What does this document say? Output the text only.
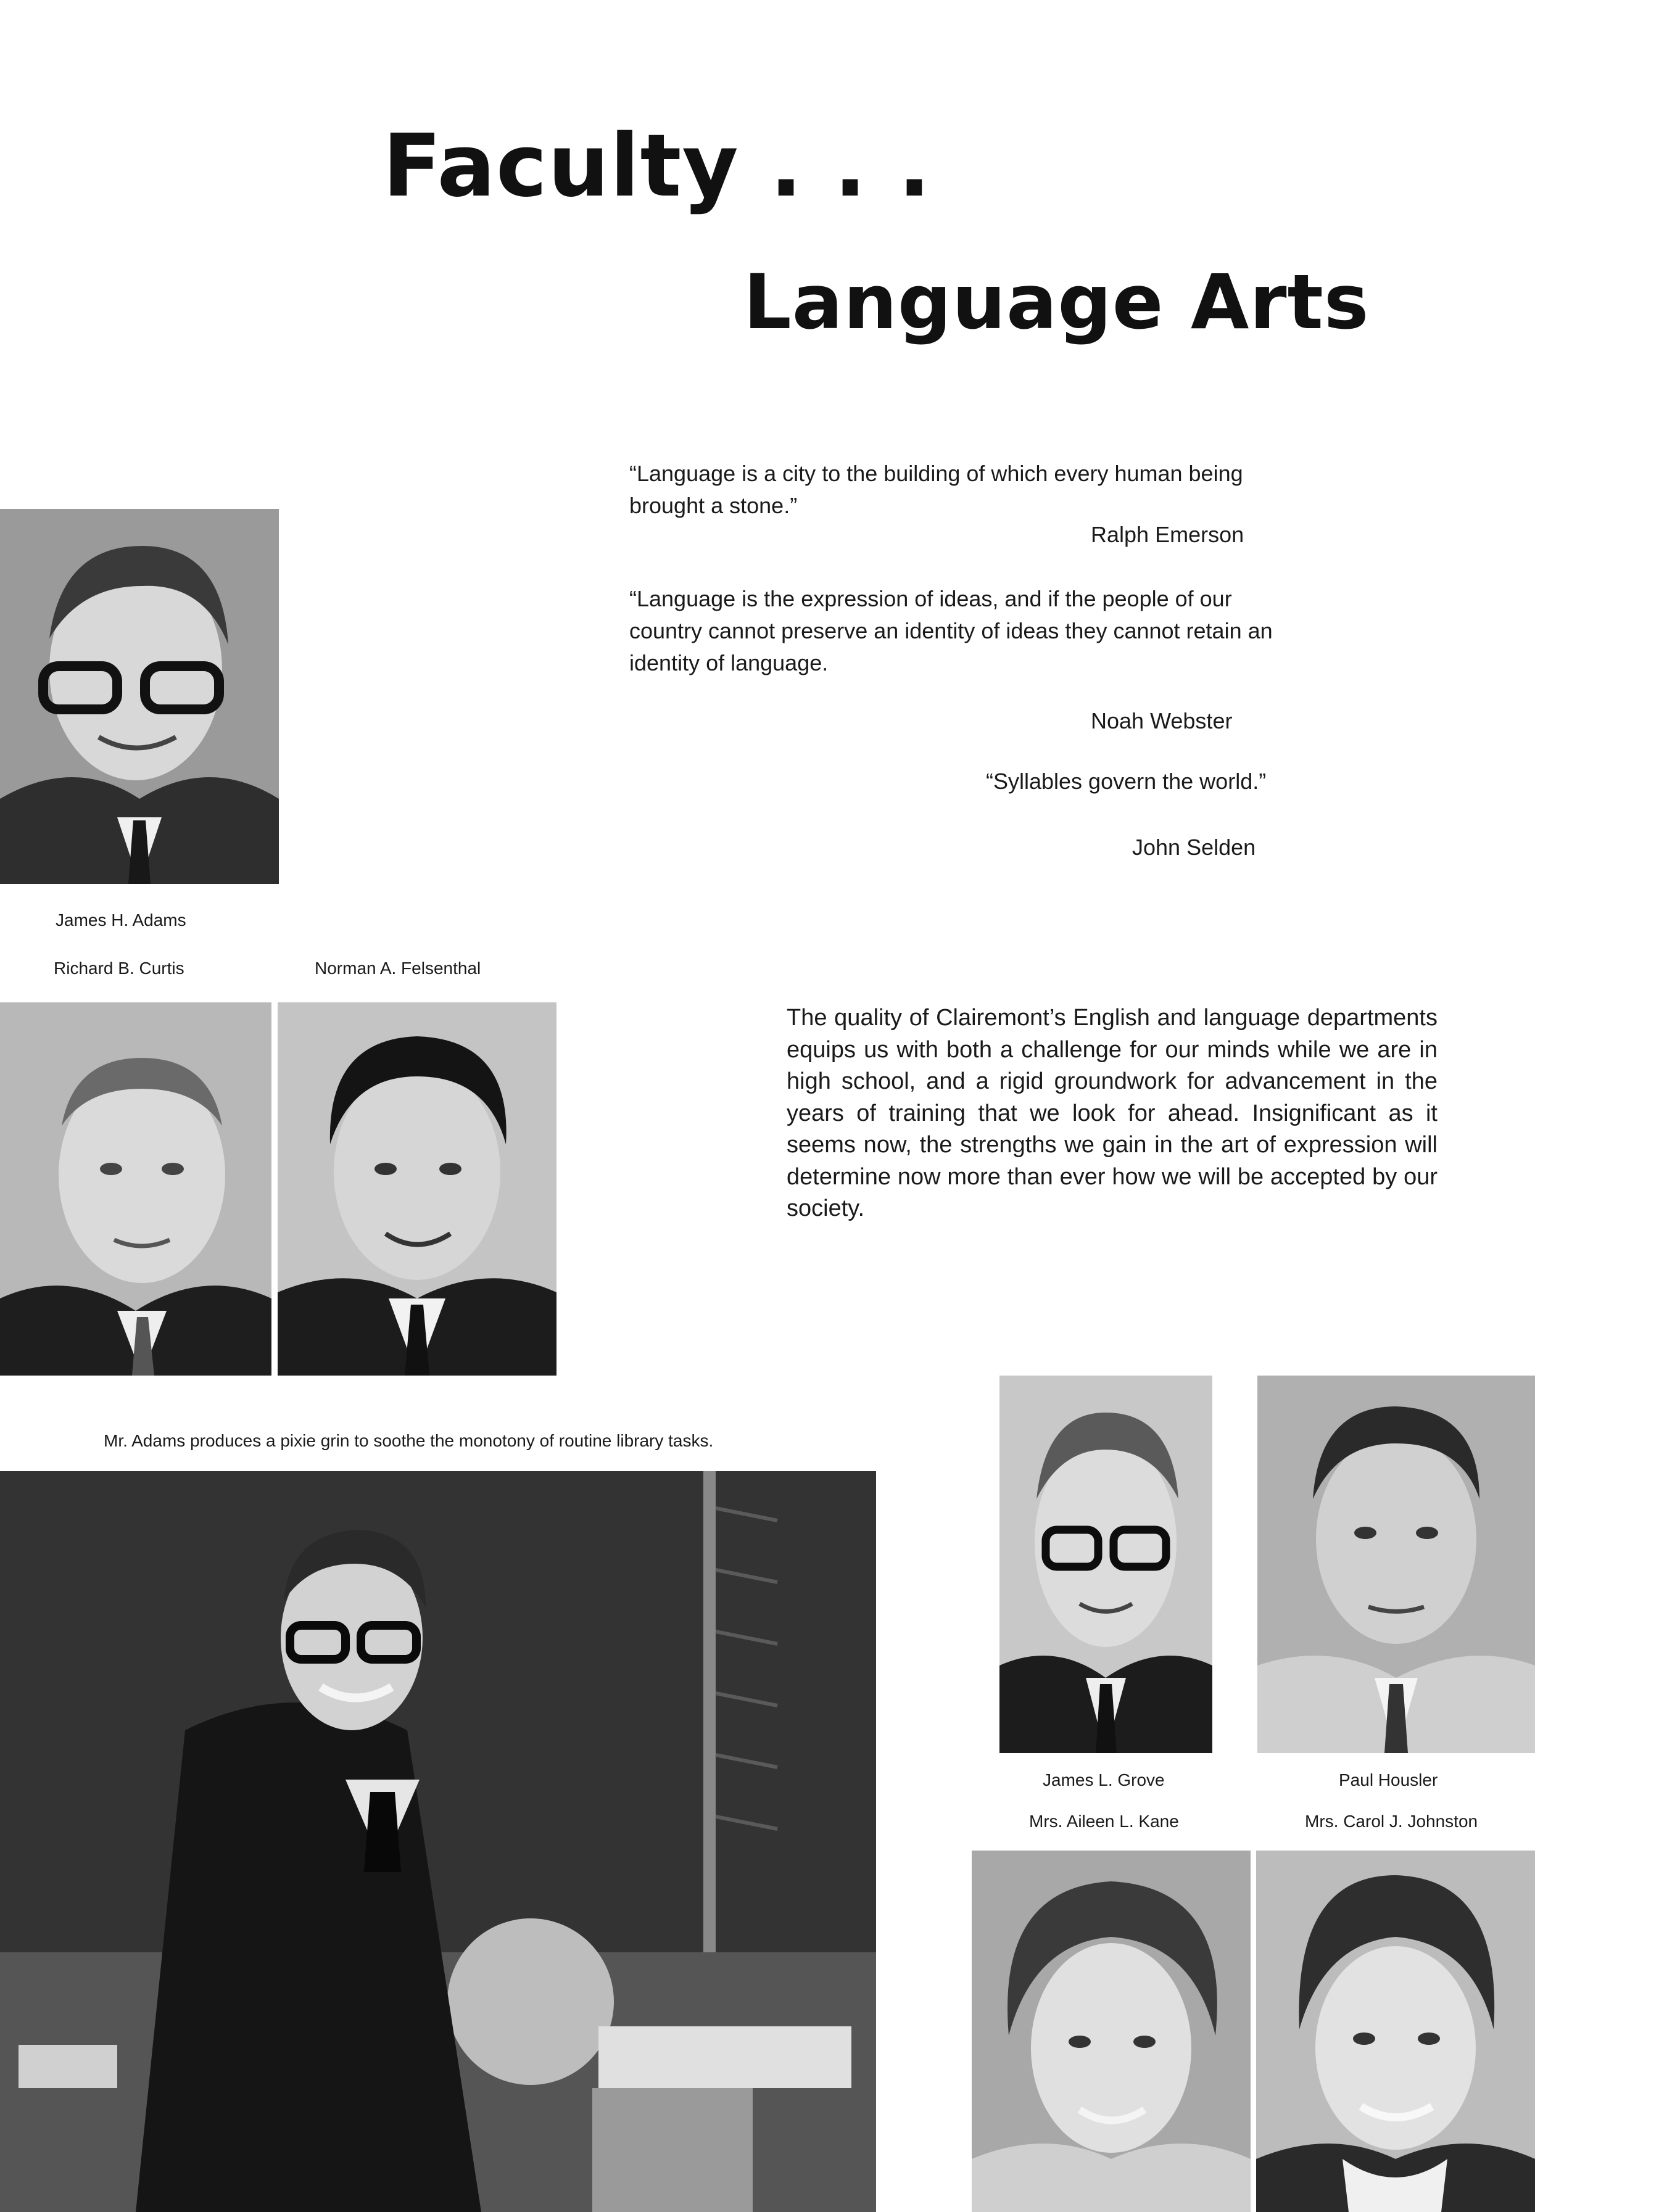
Faculty . . .
Language Arts
“Language is a city to the building of which every human being brought a stone.”
Ralph Emerson
“Language is the expression of ideas, and if the people of our country cannot preserve an identity of ideas they cannot retain an identity of language.
Noah Webster
“Syllables govern the world.”
John Selden
The quality of Clairemont’s English and language departments equips us with both a challenge for our minds while we are in high school, and a rigid groundwork for advancement in the years of training that we look for ahead. Insignificant as it seems now, the strengths we gain in the art of expression will determine now more than ever how we will be accepted by our society.
James H. Adams
Richard B. Curtis	Norman A. Felsenthal
Mr. Adams produces a pixie grin to soothe the monotony of routine library tasks.
James L. Grove	Paul Housler
Mrs. Aileen L. Kane	Mrs. Carol J. Johnston
